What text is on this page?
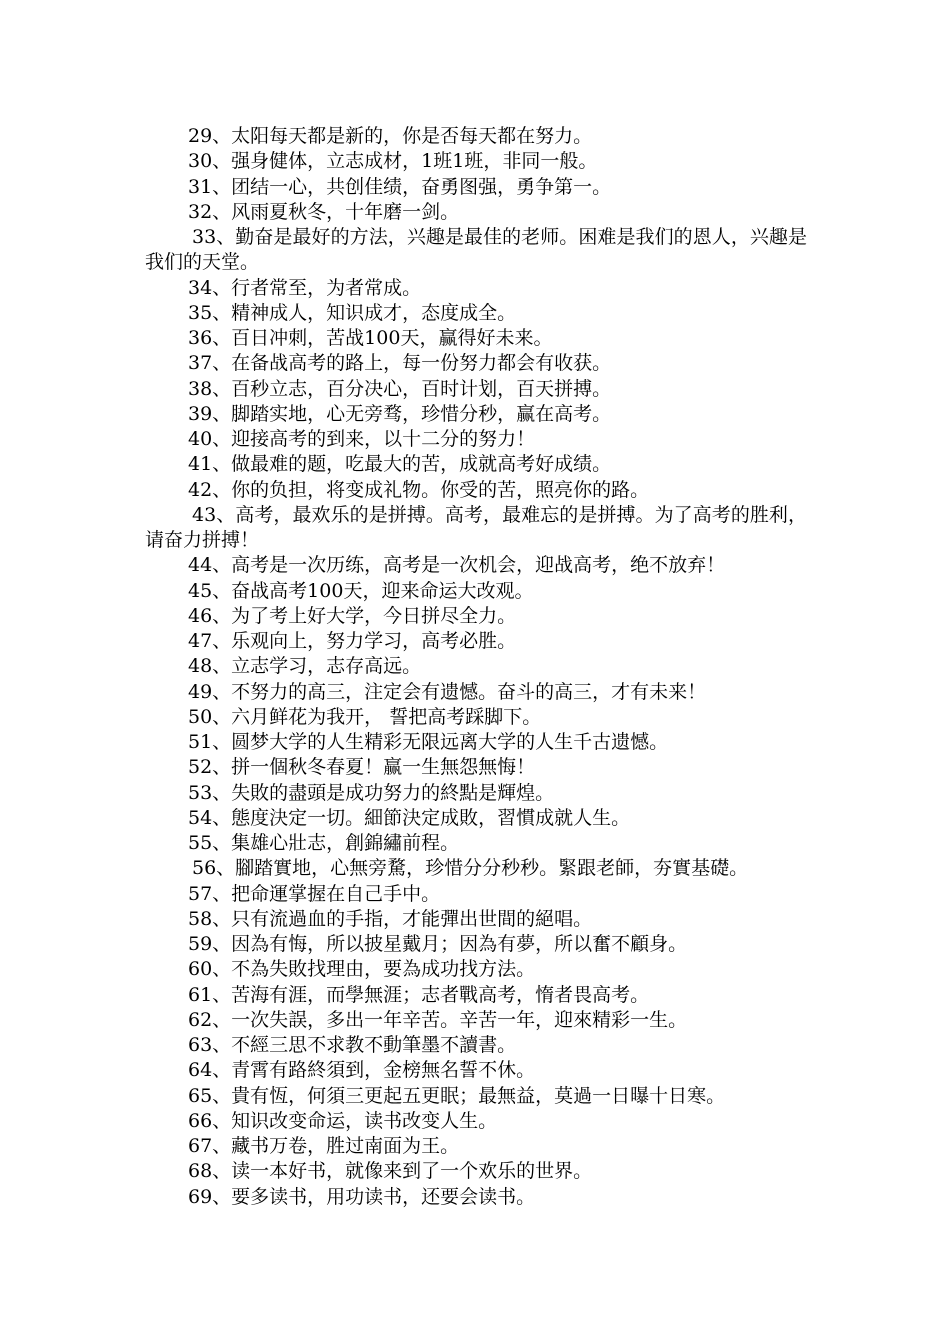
29、太阳每天都是新的，你是否每天都在努力。

30、强身健体，立志成材，1班1班，非同一般。

31、团结一心，共创佳绩，奋勇图强，勇争第一。

32、风雨夏秋冬，十年磨一剑。

33、勤奋是最好的方法，兴趣是最佳的老师。困难是我们的恩人，兴趣是我们的天堂。

34、行者常至，为者常成。

35、精神成人，知识成才，态度成全。

36、百日冲刺，苦战100天，赢得好未来。

37、在备战高考的路上，每一份努力都会有收获。

38、百秒立志，百分决心，百时计划，百天拼搏。

39、脚踏实地，心无旁骛，珍惜分秒，赢在高考。

40、迎接高考的到来，以十二分的努力！

41、做最难的题，吃最大的苦，成就高考好成绩。

42、你的负担，将变成礼物。你受的苦，照亮你的路。

43、高考，最欢乐的是拼搏。高考，最难忘的是拼搏。为了高考的胜利，请奋力拼搏！

44、高考是一次历练，高考是一次机会，迎战高考，绝不放弃！

45、奋战高考100天，迎来命运大改观。

46、为了考上好大学，今日拼尽全力。

47、乐观向上，努力学习，高考必胜。

48、立志学习，志存高远。

49、不努力的高三，注定会有遗憾。奋斗的高三，才有未来！

50、六月鲜花为我开， 誓把高考踩脚下。

51、圆梦大学的人生精彩无限远离大学的人生千古遗憾。

52、拼一個秋冬春夏！赢一生無怨無悔！

53、失敗的盡頭是成功努力的終點是輝煌。

54、態度決定一切。細節決定成敗，習慣成就人生。

55、集雄心壯志，創錦繡前程。

56、腳踏實地，心無旁騖，珍惜分分秒秒。緊跟老師，夯實基礎。

57、把命運掌握在自己手中。

58、只有流過血的手指，才能彈出世間的絕唱。

59、因為有悔，所以披星戴月；因為有夢，所以奮不顧身。

60、不為失敗找理由，要為成功找方法。

61、苦海有涯，而學無涯；志者戰高考，惰者畏高考。

62、一次失誤，多出一年辛苦。辛苦一年，迎來精彩一生。

63、不經三思不求教不動筆墨不讀書。

64、青霄有路終須到，金榜無名誓不休。

65、貴有恆，何須三更起五更眠；最無益，莫過一日曝十日寒。

66、知识改变命运，读书改变人生。

67、藏书万卷，胜过南面为王。

68、读一本好书，就像来到了一个欢乐的世界。

69、要多读书，用功读书，还要会读书。
